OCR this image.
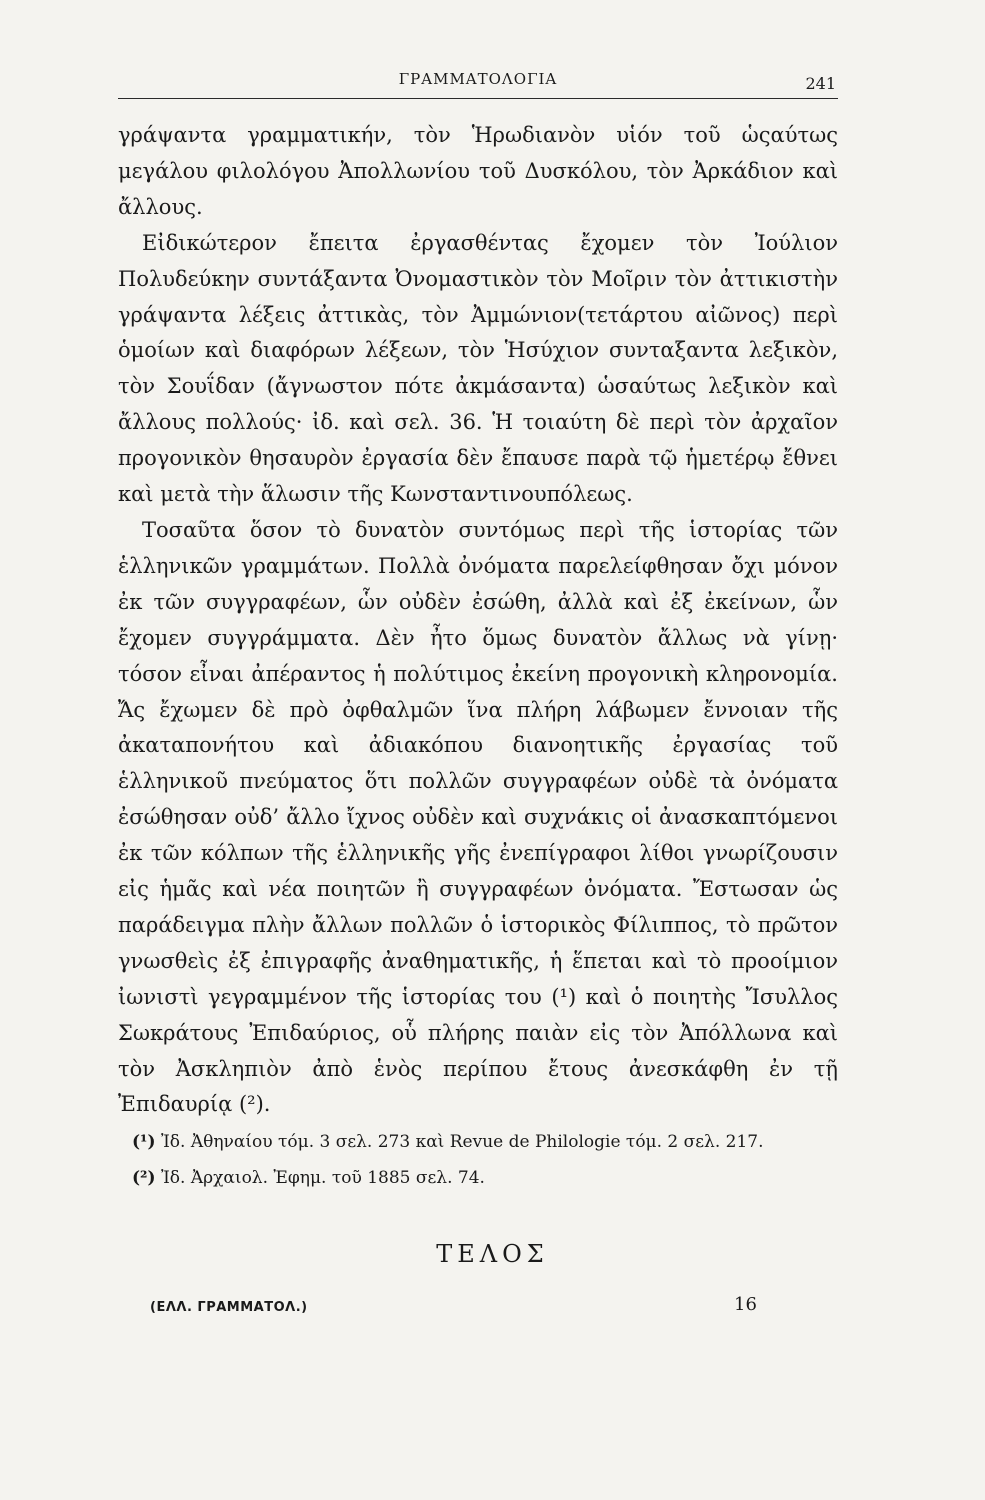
ΓΡΑΜΜΑΤΟΛΟΓΙΑ	241

γράψαντα γραμματικήν, τὸν Ἡρωδιανὸν υἱόν τοῦ ὡςαύτως μεγάλου φιλολόγου Ἀπολλωνίου τοῦ Δυσκόλου, τὸν Ἀρκάδιον καὶ ἄλλους.

Εἰδικώτερον ἔπειτα ἐργασθέντας ἔχομεν τὸν Ἰούλιον Πολυδεύκην συντάξαντα Ὀνομαστικὸν τὸν Μοῖριν τὸν ἀττικιστὴν γράψαντα λέξεις ἀττικὰς, τὸν Ἀμμώνιον(τετάρτου αἰῶνος) περὶ ὁμοίων καὶ διαφόρων λέξεων, τὸν Ἡσύχιον συνταξαντα λεξικὸν, τὸν Σουΐδαν (ἄγνωστον πότε ἀκμάσαντα) ὡσαύτως λεξικὸν καὶ ἄλλους πολλούς· ἰδ. καὶ σελ. 36. Ἡ τοιαύτη δὲ περὶ τὸν ἀρχαῖον προγονικὸν θησαυρὸν ἐργασία δὲν ἔπαυσε παρὰ τῷ ἡμετέρῳ ἔθνει καὶ μετὰ τὴν ἅλωσιν τῆς Κωνσταντινουπόλεως.

Τοσαῦτα ὅσον τὸ δυνατὸν συντόμως περὶ τῆς ἱστορίας τῶν ἑλληνικῶν γραμμάτων. Πολλὰ ὀνόματα παρελείφθησαν ὄχι μόνον ἐκ τῶν συγγραφέων, ὧν οὐδὲν ἐσώθη, ἀλλὰ καὶ ἐξ ἐκείνων, ὧν ἔχομεν συγγράμματα. Δὲν ἦτο ὅμως δυνατὸν ἄλλως νὰ γίνῃ· τόσον εἶναι ἀπέραντος ἡ πολύτιμος ἐκείνη προγονικὴ κληρονομία. Ἄς ἔχωμεν δὲ πρὸ ὀφθαλμῶν ἵνα πλήρη λάβωμεν ἔννοιαν τῆς ἀκαταπονήτου καὶ ἀδιακόπου διανοητικῆς ἐργασίας τοῦ ἑλληνικοῦ πνεύματος ὅτι πολλῶν συγγραφέων οὐδὲ τὰ ὀνόματα ἐσώθησαν οὐδ’ ἄλλο ἴχνος οὐδὲν καὶ συχνάκις οἱ ἀνασκαπτόμενοι ἐκ τῶν κόλπων τῆς ἑλληνικῆς γῆς ἐνεπίγραφοι λίθοι γνωρίζουσιν εἰς ἡμᾶς καὶ νέα ποιητῶν ἢ συγγραφέων ὀνόματα. Ἔστωσαν ὡς παράδειγμα πλὴν ἄλλων πολλῶν ὁ ἱστορικὸς Φίλιππος, τὸ πρῶτον γνωσθεὶς ἐξ ἐπιγραφῆς ἀναθηματικῆς, ἡ ἕπεται καὶ τὸ προοίμιον ἰωνιστὶ γεγραμμένον τῆς ἱστορίας του (¹) καὶ ὁ ποιητὴς Ἴσυλλος Σωκράτους Ἐπιδαύριος, οὗ πλήρης παιὰν εἰς τὸν Ἀπόλλωνα καὶ τὸν Ἀσκληπιὸν ἀπὸ ἑνὸς περίπου ἔτους ἀνεσκάφθη ἐν τῇ Ἐπιδαυρίᾳ (²).

(¹) Ἰδ. Ἀθηναίου τόμ. 3 σελ. 273 καὶ Revue de Philologie τόμ. 2 σελ. 217.

(²) Ἰδ. Ἀρχαιολ. Ἐφημ. τοῦ 1885 σελ. 74.

ΤΕΛΟΣ
(ΕΛΛ. ΓΡΑΜΜΑΤΟΛ.)	16
